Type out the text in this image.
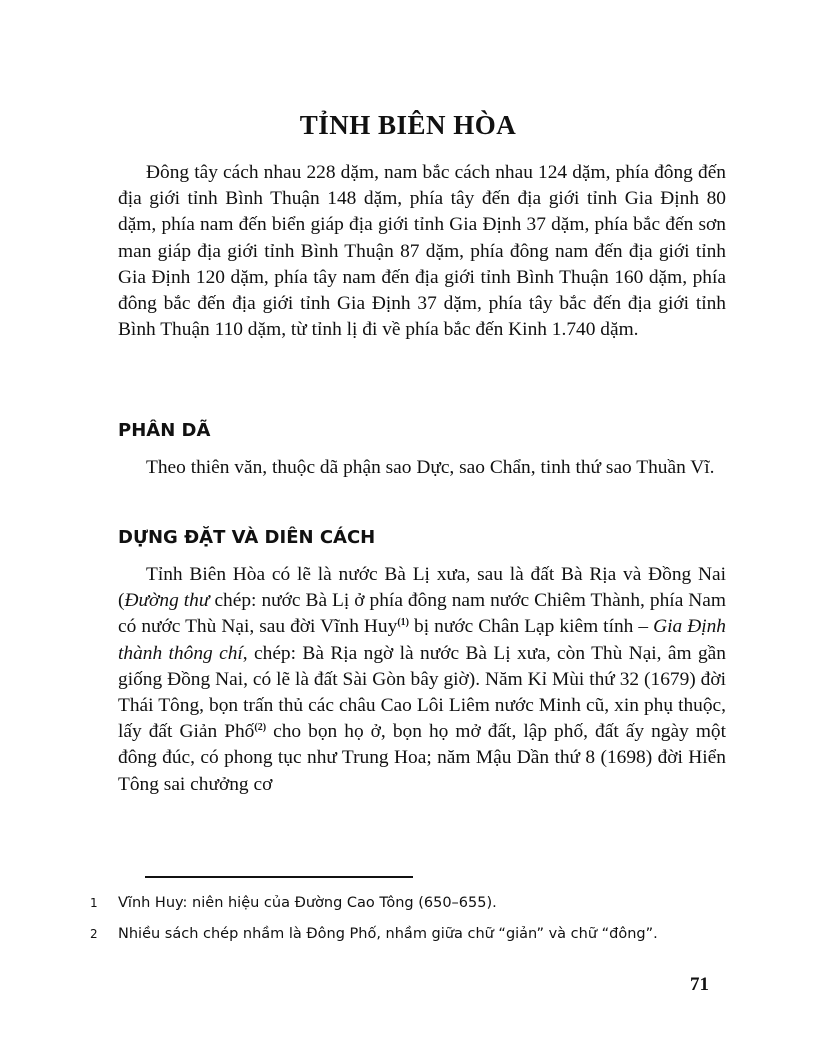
TỈNH BIÊN HÒA
Đông tây cách nhau 228 dặm, nam bắc cách nhau 124 dặm, phía đông đến địa giới tỉnh Bình Thuận 148 dặm, phía tây đến địa giới tỉnh Gia Định 80 dặm, phía nam đến biển giáp địa giới tỉnh Gia Định 37 dặm, phía bắc đến sơn man giáp địa giới tỉnh Bình Thuận 87 dặm, phía đông nam đến địa giới tỉnh Gia Định 120 dặm, phía tây nam đến địa giới tỉnh Bình Thuận 160 dặm, phía đông bắc đến địa giới tỉnh Gia Định 37 dặm, phía tây bắc đến địa giới tỉnh Bình Thuận 110 dặm, từ tỉnh lị đi về phía bắc đến Kinh 1.740 dặm.
PHÂN DÃ
Theo thiên văn, thuộc dã phận sao Dực, sao Chẩn, tinh thứ sao Thuần Vĩ.
DỰNG ĐẶT VÀ DIÊN CÁCH
Tỉnh Biên Hòa có lẽ là nước Bà Lị xưa, sau là đất Bà Rịa và Đồng Nai (Đường thư chép: nước Bà Lị ở phía đông nam nước Chiêm Thành, phía Nam có nước Thù Nại, sau đời Vĩnh Huy$^{(1)}$ bị nước Chân Lạp kiêm tính – Gia Định thành thông chí, chép: Bà Rịa ngờ là nước Bà Lị xưa, còn Thù Nại, âm gần giống Đồng Nai, có lẽ là đất Sài Gòn bây giờ). Năm Kỉ Mùi thứ 32 (1679) đời Thái Tông, bọn trấn thủ các châu Cao Lôi Liêm nước Minh cũ, xin phụ thuộc, lấy đất Giản Phố$^{(2)}$ cho bọn họ ở, bọn họ mở đất, lập phố, đất ấy ngày một đông đúc, có phong tục như Trung Hoa; năm Mậu Dần thứ 8 (1698) đời Hiển Tông sai chưởng cơ
1 Vĩnh Huy: niên hiệu của Đường Cao Tông (650–655).
2 Nhiều sách chép nhầm là Đông Phố, nhầm giữa chữ “giản” và chữ “đông”.
71
